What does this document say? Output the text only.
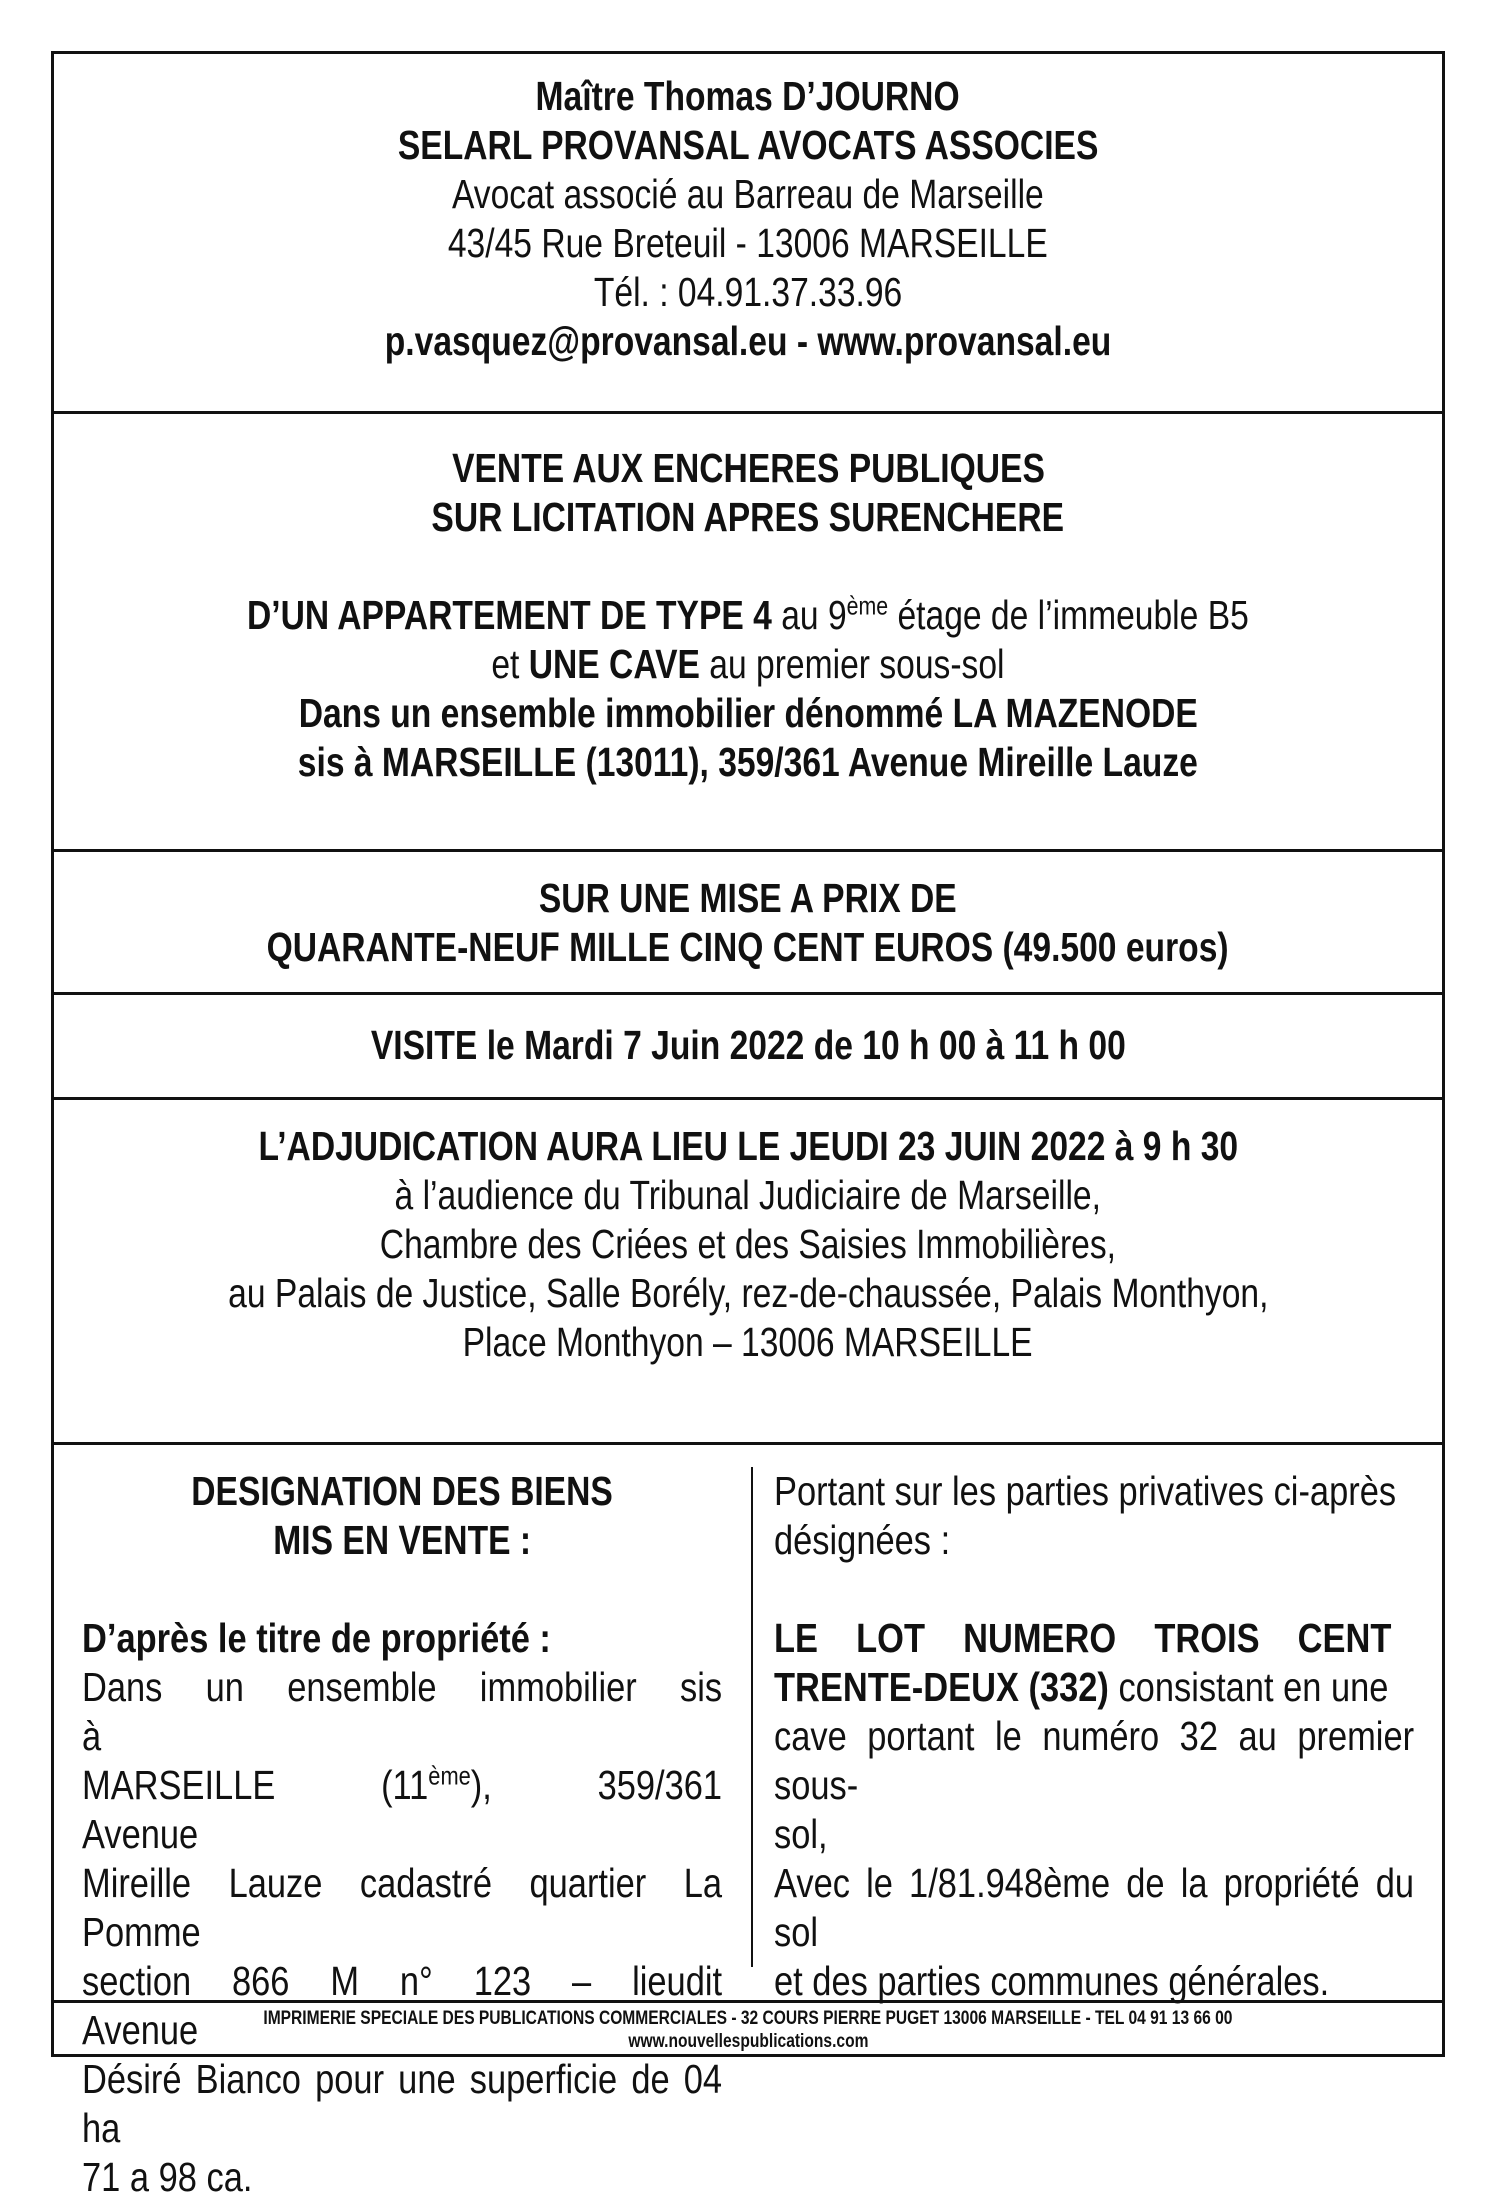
Maître Thomas D’JOURNO
SELARL PROVANSAL AVOCATS ASSOCIES
Avocat associé au Barreau de Marseille
43/45 Rue Breteuil - 13006 MARSEILLE
Tél. : 04.91.37.33.96
p.vasquez@provansal.eu - www.provansal.eu
VENTE AUX ENCHERES PUBLIQUES
SUR LICITATION APRES SURENCHERE
D’UN APPARTEMENT DE TYPE 4 au 9ème étage de l’immeuble B5
et UNE CAVE au premier sous-sol
Dans un ensemble immobilier dénommé LA MAZENODE
sis à MARSEILLE (13011), 359/361 Avenue Mireille Lauze
SUR UNE MISE A PRIX DE
QUARANTE-NEUF MILLE CINQ CENT EUROS (49.500 euros)
VISITE le Mardi 7 Juin 2022 de 10 h 00 à 11 h 00
L’ADJUDICATION AURA LIEU LE JEUDI 23 JUIN 2022 à 9 h 30
à l’audience du Tribunal Judiciaire de Marseille,
Chambre des Criées et des Saisies Immobilières,
au Palais de Justice, Salle Borély, rez-de-chaussée, Palais Monthyon,
Place Monthyon – 13006 MARSEILLE
DESIGNATION DES BIENS
MIS EN VENTE :
D’après le titre de propriété :
Dans un ensemble immobilier sis à
MARSEILLE (11ème), 359/361 Avenue
Mireille Lauze cadastré quartier La Pomme
section 866 M n° 123 – lieudit Avenue
Désiré Bianco pour une superficie de 04 ha
71 a 98 ca.
Portant sur les parties privatives ci-après
désignées :
LE LOT NUMERO TROIS CENT
TRENTE-DEUX (332) consistant en une
cave portant le numéro 32 au premier sous-
sol,
Avec le 1/81.948ème de la propriété du sol
et des parties communes générales.
IMPRIMERIE SPECIALE DES PUBLICATIONS COMMERCIALES - 32 COURS PIERRE PUGET 13006 MARSEILLE - TEL 04 91 13 66 00
www.nouvellespublications.com
